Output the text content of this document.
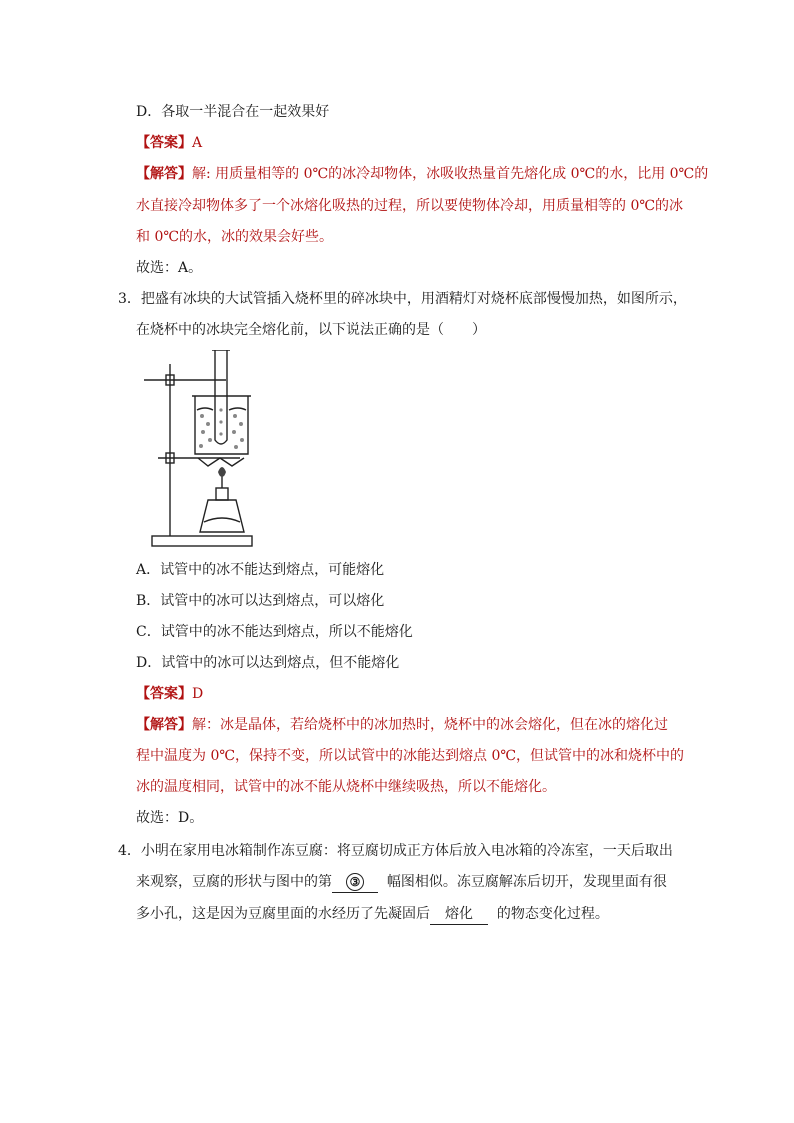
D．各取一半混合在一起效果好
【答案】A
【解答】解: 用质量相等的 0℃的冰冷却物体，冰吸收热量首先熔化成 0℃的水，比用 0℃的
水直接冷却物体多了一个冰熔化吸热的过程，所以要使物体冷却，用质量相等的 0℃的冰
和 0℃的水，冰的效果会好些。
故选：A。
3．把盛有冰块的大试管插入烧杯里的碎冰块中，用酒精灯对烧杯底部慢慢加热，如图所示，
在烧杯中的冰块完全熔化前，以下说法正确的是（　　）
A．试管中的冰不能达到熔点，可能熔化
B．试管中的冰可以达到熔点，可以熔化
C．试管中的冰不能达到熔点，所以不能熔化
D．试管中的冰可以达到熔点，但不能熔化
【答案】D
【解答】解：冰是晶体，若给烧杯中的冰加热时，烧杯中的冰会熔化，但在冰的熔化过
程中温度为 0℃，保持不变，所以试管中的冰能达到熔点 0℃，但试管中的冰和烧杯中的
冰的温度相同，试管中的冰不能从烧杯中继续吸热，所以不能熔化。
故选：D。
4．小明在家用电冰箱制作冻豆腐：将豆腐切成正方体后放入电冰箱的冷冻室，一天后取出
来观察，豆腐的形状与图中的第 ③ 幅图相似。冻豆腐解冻后切开，发现里面有很
多小孔，这是因为豆腐里面的水经历了先凝固后 熔化 的物态变化过程。
